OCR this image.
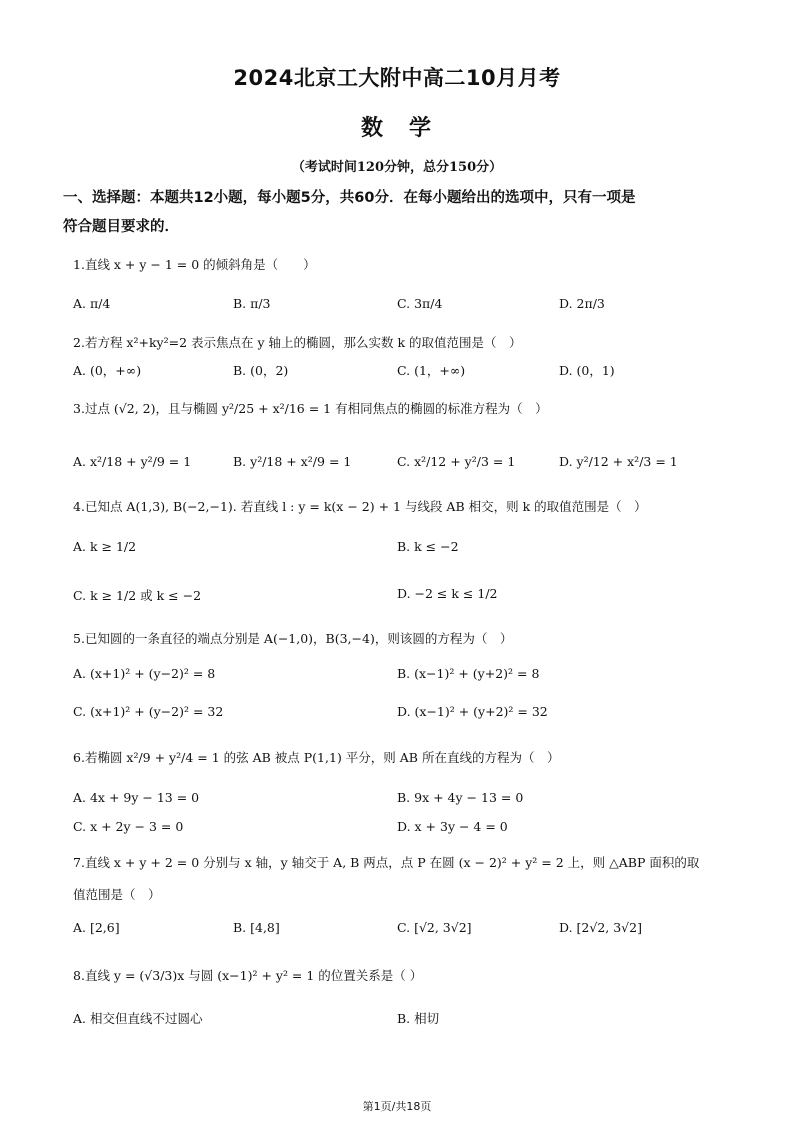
2024北京工大附中高二10月月考
数　学
（考试时间120分钟，总分150分）
一、选择题：本题共12小题，每小题5分，共60分．在每小题给出的选项中，只有一项是
符合题目要求的．
1.直线 x + y − 1 = 0 的倾斜角是（　　）
A. π/4	B. π/3	C. 3π/4	D. 2π/3
2.若方程 x²+ky²=2 表示焦点在 y 轴上的椭圆，那么实数 k 的取值范围是（　）
A. (0，+∞)	B. (0，2)	C. (1，+∞)	D. (0，1)
3.过点 (√2, 2)，且与椭圆 y²/25 + x²/16 = 1 有相同焦点的椭圆的标准方程为（　）
A. x²/18 + y²/9 = 1	B. y²/18 + x²/9 = 1	C. x²/12 + y²/3 = 1	D. y²/12 + x²/3 = 1
4.已知点 A(1,3), B(−2,−1). 若直线 l : y = k(x − 2) + 1 与线段 AB 相交，则 k 的取值范围是（　）
A. k ≥ 1/2	B. k ≤ −2
C. k ≥ 1/2 或 k ≤ −2	D. −2 ≤ k ≤ 1/2
5.已知圆的一条直径的端点分别是 A(−1,0)，B(3,−4)，则该圆的方程为（　）
A. (x+1)² + (y−2)² = 8	B. (x−1)² + (y+2)² = 8
C. (x+1)² + (y−2)² = 32	D. (x−1)² + (y+2)² = 32
6.若椭圆 x²/9 + y²/4 = 1 的弦 AB 被点 P(1,1) 平分，则 AB 所在直线的方程为（　）
A. 4x + 9y − 13 = 0	B. 9x + 4y − 13 = 0
C. x + 2y − 3 = 0	D. x + 3y − 4 = 0
7.直线 x + y + 2 = 0 分别与 x 轴，y 轴交于 A, B 两点，点 P 在圆 (x − 2)² + y² = 2 上，则 △ABP 面积的取
值范围是（　）
A. [2,6]	B. [4,8]	C. [√2, 3√2]	D. [2√2, 3√2]
8.直线 y = (√3/3)x 与圆 (x−1)² + y² = 1 的位置关系是（ ）
A. 相交但直线不过圆心	B. 相切
第1页/共18页
